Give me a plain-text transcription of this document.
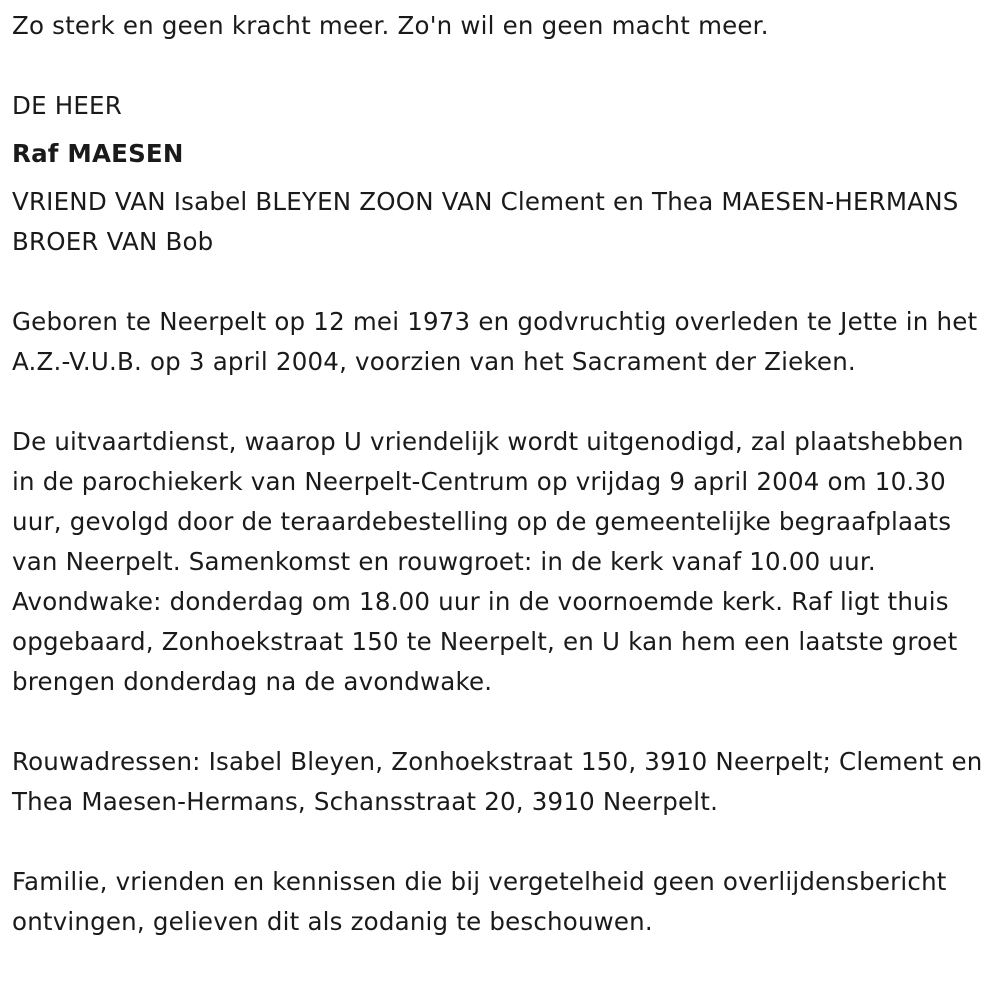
Zo sterk en geen kracht meer. Zo'n wil en geen macht meer.

DE HEER

Raf MAESEN

VRIEND VAN Isabel BLEYEN ZOON VAN Clement en Thea MAESEN-HERMANS BROER VAN Bob

Geboren te Neerpelt op 12 mei 1973 en godvruchtig overleden te Jette in het A.Z.-V.U.B. op 3 april 2004, voorzien van het Sacrament der Zieken.

De uitvaartdienst, waarop U vriendelijk wordt uitgenodigd, zal plaatshebben in de parochiekerk van Neerpelt-Centrum op vrijdag 9 april 2004 om 10.30 uur, gevolgd door de teraardebestelling op de gemeentelijke begraafplaats van Neerpelt. Samenkomst en rouwgroet: in de kerk vanaf 10.00 uur. Avondwake: donderdag om 18.00 uur in de voornoemde kerk. Raf ligt thuis opgebaard, Zonhoekstraat 150 te Neerpelt, en U kan hem een laatste groet brengen donderdag na de avondwake.

Rouwadressen: Isabel Bleyen, Zonhoekstraat 150, 3910 Neerpelt; Clement en Thea Maesen-Hermans, Schansstraat 20, 3910 Neerpelt.

Familie, vrienden en kennissen die bij vergetelheid geen overlijdensbericht ontvingen, gelieven dit als zodanig te beschouwen.
